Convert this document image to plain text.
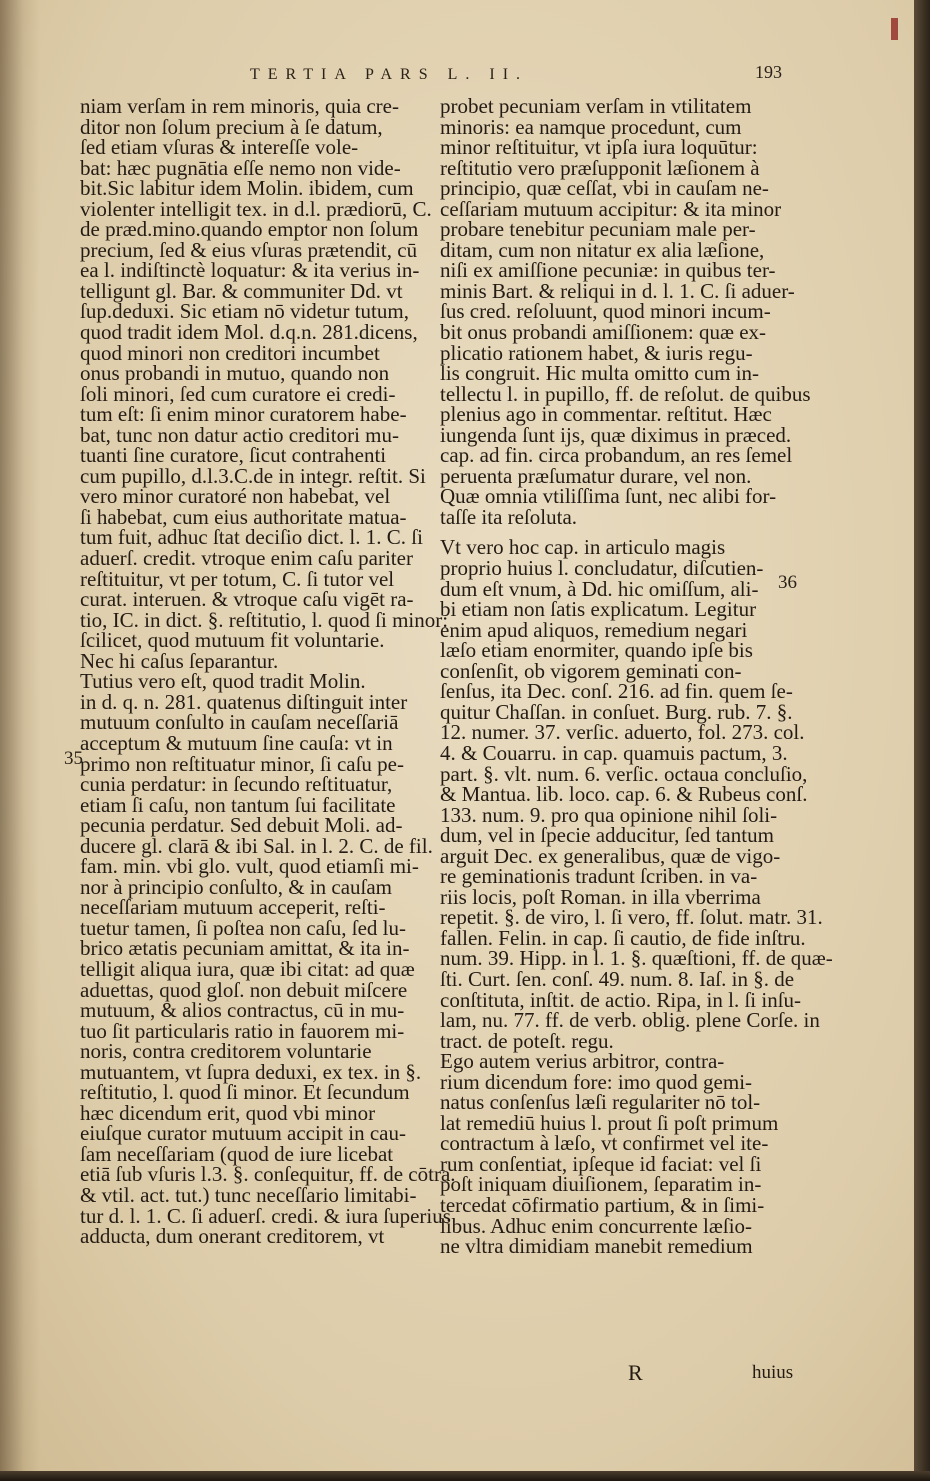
TERTIA PARS L. II.	193
niam verſam in rem minoris, quia cre-
ditor non ſolum precium à ſe datum,
ſed etiam vſuras & intereſſe vole-
bat: hæc pugnātia eſſe nemo non vide-
bit.Sic labitur idem Molin. ibidem, cum
violenter intelligit tex. in d.l. prædiorū, C.
de præd.mino.quando emptor non ſolum
precium, ſed & eius vſuras prætendit, cū
ea l. indiſtinctè loquatur: & ita verius in-
telligunt gl. Bar. & communiter Dd. vt
ſup.deduxi. Sic etiam nō videtur tutum,
quod tradit idem Mol. d.q.n. 281.dicens,
quod minori non creditori incumbet
onus probandi in mutuo, quando non
ſoli minori, ſed cum curatore ei credi-
tum eſt: ſi enim minor curatorem habe-
bat, tunc non datur actio creditori mu-
tuanti ſine curatore, ſicut contrahenti
cum pupillo, d.l.3.C.de in integr. reſtit. Si
vero minor curatoré non habebat, vel
ſi habebat, cum eius authoritate matua-
tum fuit, adhuc ſtat deciſio dict. l. 1. C. ſi
aduerſ. credit. vtroque enim caſu pariter
reſtituitur, vt per totum, C. ſi tutor vel
curat. interuen. & vtroque caſu vigēt ra-
tio, IC. in dict. §. reſtitutio, l. quod ſi minor:
ſcilicet, quod mutuum fit voluntarie.
Nec hi caſus ſeparantur.
Tutius vero eſt, quod tradit Molin.
in d. q. n. 281. quatenus diſtinguit inter
mutuum conſulto in cauſam neceſſariā
acceptum & mutuum ſine cauſa: vt in
primo non reſtituatur minor, ſi caſu pe-
cunia perdatur: in ſecundo reſtituatur,
etiam ſi caſu, non tantum ſui facilitate
pecunia perdatur. Sed debuit Moli. ad-
ducere gl. clarā & ibi Sal. in l. 2. C. de fil.
fam. min. vbi glo. vult, quod etiamſi mi-
nor à principio conſulto, & in cauſam
neceſſariam mutuum acceperit, reſti-
tuetur tamen, ſi poſtea non caſu, ſed lu-
brico ætatis pecuniam amittat, & ita in-
telligit aliqua iura, quæ ibi citat: ad quæ
aduettas, quod gloſ. non debuit miſcere
mutuum, & alios contractus, cū in mu-
tuo ſit particularis ratio in fauorem mi-
noris, contra creditorem voluntarie
mutuantem, vt ſupra deduxi, ex tex. in §.
reſtitutio, l. quod ſi minor. Et ſecundum
hæc dicendum erit, quod vbi minor
eiuſque curator mutuum accipit in cau-
ſam neceſſariam (quod de iure licebat
etiā ſub vſuris l.3. §. conſequitur, ff. de cōtra.
& vtil. act. tut.) tunc neceſſario limitabi-
tur d. l. 1. C. ſi aduerſ. credi. & iura ſuperius
adducta, dum onerant creditorem, vt
probet pecuniam verſam in vtilitatem
minoris: ea namque procedunt, cum
minor reſtituitur, vt ipſa iura loquūtur:
reſtitutio vero præſupponit læſionem à
principio, quæ ceſſat, vbi in cauſam ne-
ceſſariam mutuum accipitur: & ita minor
probare tenebitur pecuniam male per-
ditam, cum non nitatur ex alia læſione,
niſi ex amiſſione pecuniæ: in quibus ter-
minis Bart. & reliqui in d. l. 1. C. ſi aduer-
ſus cred. reſoluunt, quod minori incum-
bit onus probandi amiſſionem: quæ ex-
plicatio rationem habet, & iuris regu-
lis congruit. Hic multa omitto cum in-
tellectu l. in pupillo, ff. de reſolut. de quibus
plenius ago in commentar. reſtitut. Hæc
iungenda ſunt ijs, quæ diximus in præced.
cap. ad fin. circa probandum, an res ſemel
peruenta præſumatur durare, vel non.
Quæ omnia vtiliſſima ſunt, nec alibi for-
taſſe ita reſoluta.
Vt vero hoc cap. in articulo magis
proprio huius l. concludatur, diſcutien-
dum eſt vnum, à Dd. hic omiſſum, ali-
bi etiam non ſatis explicatum. Legitur
enim apud aliquos, remedium negari
læſo etiam enormiter, quando ipſe bis
conſenſit, ob vigorem geminati con-
ſenſus, ita Dec. conſ. 216. ad fin. quem ſe-
quitur Chaſſan. in conſuet. Burg. rub. 7. §.
12. numer. 37. verſic. aduerto, fol. 273. col.
4. & Couarru. in cap. quamuis pactum, 3.
part. §. vlt. num. 6. verſic. octaua concluſio,
& Mantua. lib. loco. cap. 6. & Rubeus conſ.
133. num. 9. pro qua opinione nihil ſoli-
dum, vel in ſpecie adducitur, ſed tantum
arguit Dec. ex generalibus, quæ de vigo-
re geminationis tradunt ſcriben. in va-
riis locis, poſt Roman. in illa vberrima
repetit. §. de viro, l. ſi vero, ff. ſolut. matr. 31.
fallen. Felin. in cap. ſi cautio, de fide inſtru.
num. 39. Hipp. in l. 1. §. quæſtioni, ff. de quæ-
ſti. Curt. ſen. conſ. 49. num. 8. Iaſ. in §. de
conſtituta, inſtit. de actio. Ripa, in l. ſi inſu-
lam, nu. 77. ff. de verb. oblig. plene Corſe. in
tract. de poteſt. regu.
Ego autem verius arbitror, contra-
rium dicendum fore: imo quod gemi-
natus conſenſus læſi regulariter nō tol-
lat remediū huius l. prout ſi poſt primum
contractum à læſo, vt confirmet vel ite-
rum conſentiat, ipſeque id faciat: vel ſi
poſt iniquam diuiſionem, ſeparatim in-
tercedat cōfirmatio partium, & in ſimi-
libus. Adhuc enim concurrente læſio-
ne vltra dimidiam manebit remedium
35
36
R	huius
